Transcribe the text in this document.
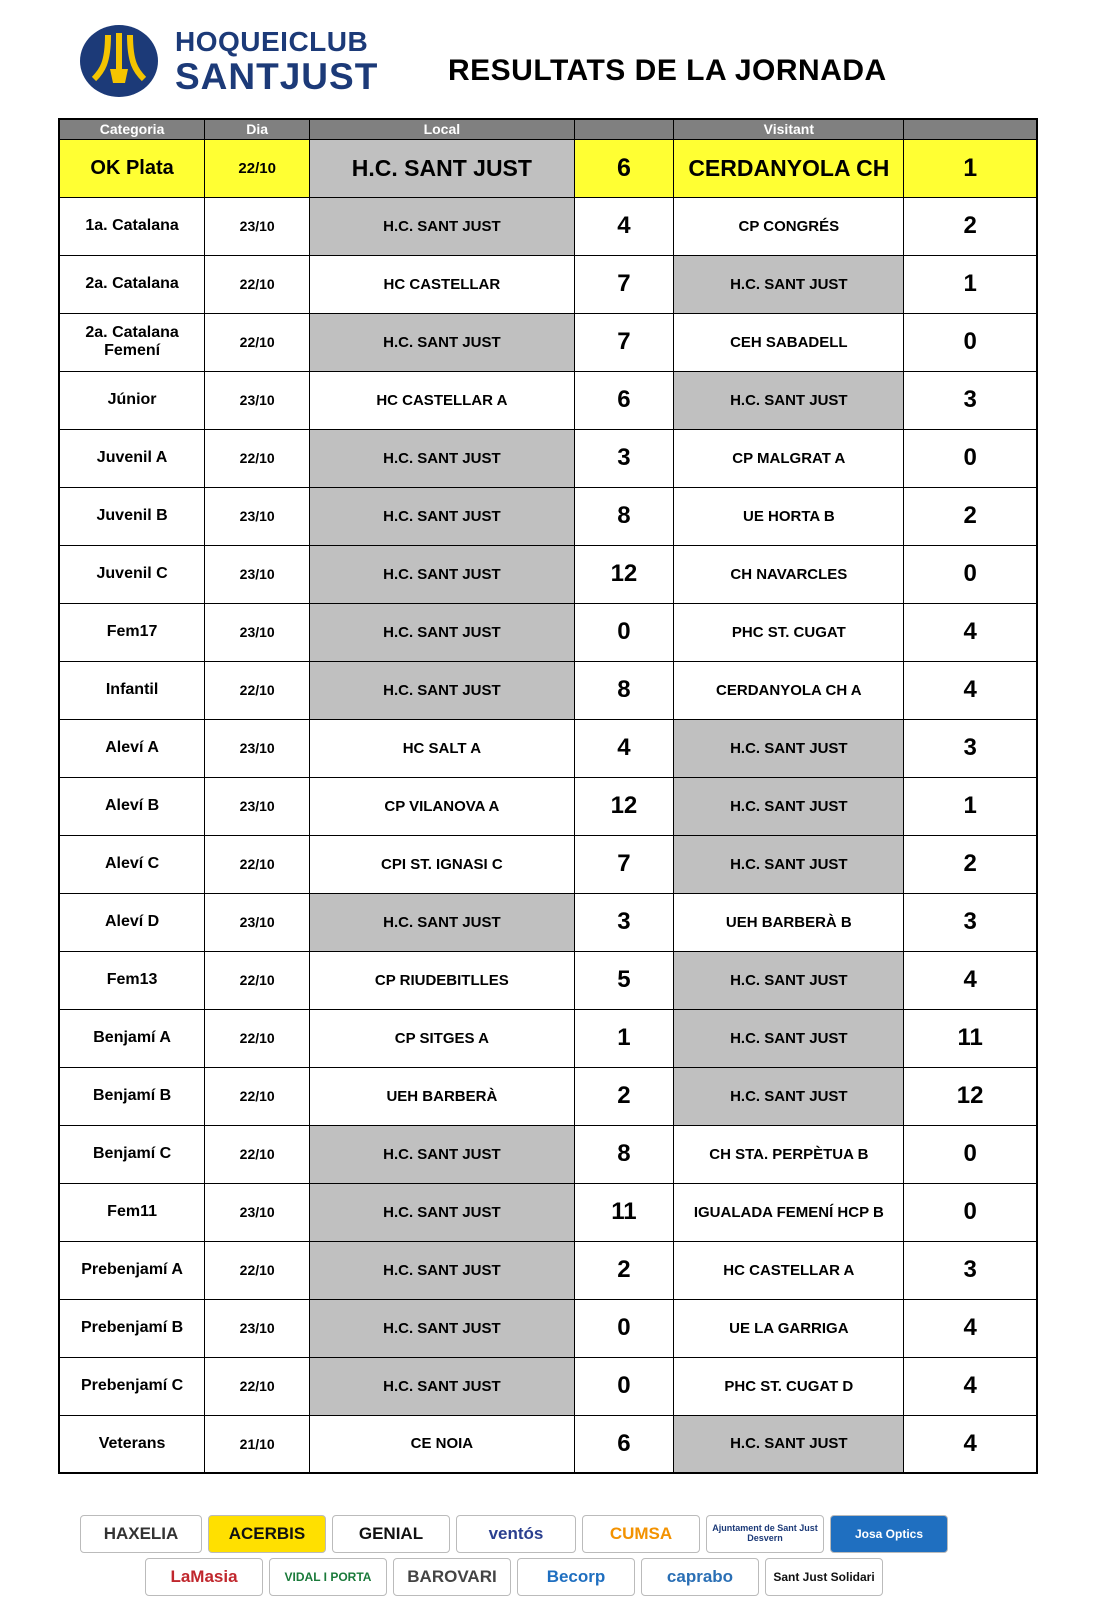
HOQUEICLUB
SANTJUST RESULTATS DE LA JORNADA
Categoria	Dia	Local		Visitant	
OK Plata	22/10	H.C. SANT JUST	6	CERDANYOLA CH	1
1a. Catalana	23/10	H.C. SANT JUST	4	CP CONGRÉS	2
2a. Catalana	22/10	HC CASTELLAR	7	H.C. SANT JUST	1
2a. Catalana Femení	22/10	H.C. SANT JUST	7	CEH SABADELL	0
Júnior	23/10	HC CASTELLAR A	6	H.C. SANT JUST	3
Juvenil A	22/10	H.C. SANT JUST	3	CP MALGRAT A	0
Juvenil B	23/10	H.C. SANT JUST	8	UE HORTA B	2
Juvenil C	23/10	H.C. SANT JUST	12	CH NAVARCLES	0
Fem17	23/10	H.C. SANT JUST	0	PHC ST. CUGAT	4
Infantil	22/10	H.C. SANT JUST	8	CERDANYOLA CH A	4
Aleví A	23/10	HC SALT A	4	H.C. SANT JUST	3
Aleví B	23/10	CP VILANOVA A	12	H.C. SANT JUST	1
Aleví C	22/10	CPI ST. IGNASI C	7	H.C. SANT JUST	2
Aleví D	23/10	H.C. SANT JUST	3	UEH BARBERÀ B	3
Fem13	22/10	CP RIUDEBITLLES	5	H.C. SANT JUST	4
Benjamí A	22/10	CP SITGES A	1	H.C. SANT JUST	11
Benjamí B	22/10	UEH BARBERÀ	2	H.C. SANT JUST	12
Benjamí C	22/10	H.C. SANT JUST	8	CH STA. PERPÈTUA B	0
Fem11	23/10	H.C. SANT JUST	11	IGUALADA FEMENÍ HCP B	0
Prebenjamí A	22/10	H.C. SANT JUST	2	HC CASTELLAR A	3
Prebenjamí B	23/10	H.C. SANT JUST	0	UE LA GARRIGA	4
Prebenjamí C	22/10	H.C. SANT JUST	0	PHC ST. CUGAT D	4
Veterans	21/10	CE NOIA	6	H.C. SANT JUST	4
HAXELIA	ACERBIS	GENIAL	ventós	CUMSA	Ajuntament de Sant Just Desvern	Josa Optics
LaMasia	VIDAL I PORTA	BAROVARI	Becorp	caprabo	Sant Just Solidari
